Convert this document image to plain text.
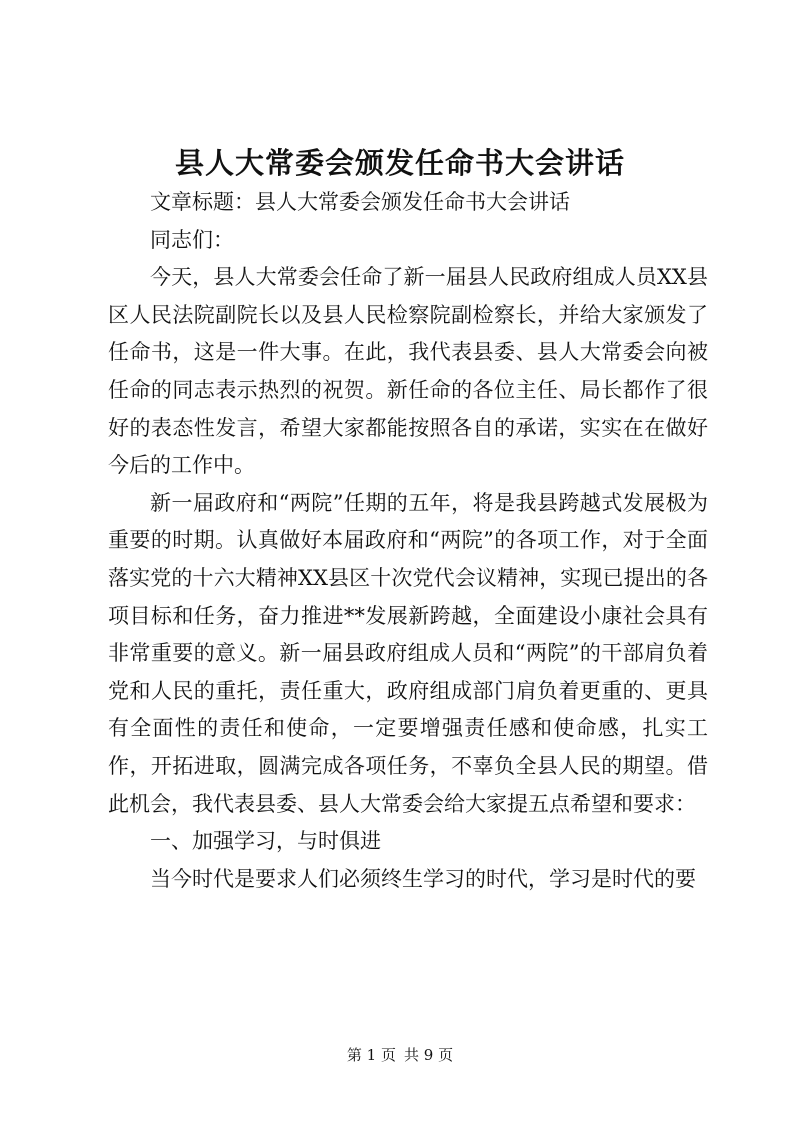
县人大常委会颁发任命书大会讲话

文章标题：县人大常委会颁发任命书大会讲话

同志们：

今天，县人大常委会任命了新一届县人民政府组成人员XX县区人民法院副院长以及县人民检察院副检察长，并给大家颁发了任命书，这是一件大事。在此，我代表县委、县人大常委会向被任命的同志表示热烈的祝贺。新任命的各位主任、局长都作了很好的表态性发言，希望大家都能按照各自的承诺，实实在在做好今后的工作中。

新一届政府和“两院”任期的五年，将是我县跨越式发展极为重要的时期。认真做好本届政府和“两院”的各项工作，对于全面落实党的十六大精神XX县区十次党代会议精神，实现已提出的各项目标和任务，奋力推进**发展新跨越，全面建设小康社会具有非常重要的意义。新一届县政府组成人员和“两院”的干部肩负着党和人民的重托，责任重大，政府组成部门肩负着更重的、更具有全面性的责任和使命，一定要增强责任感和使命感，扎实工作，开拓进取，圆满完成各项任务，不辜负全县人民的期望。借此机会，我代表县委、县人大常委会给大家提五点希望和要求：

一、加强学习，与时俱进

当今时代是要求人们必须终生学习的时代，学习是时代的要

第 1 页 共 9 页
